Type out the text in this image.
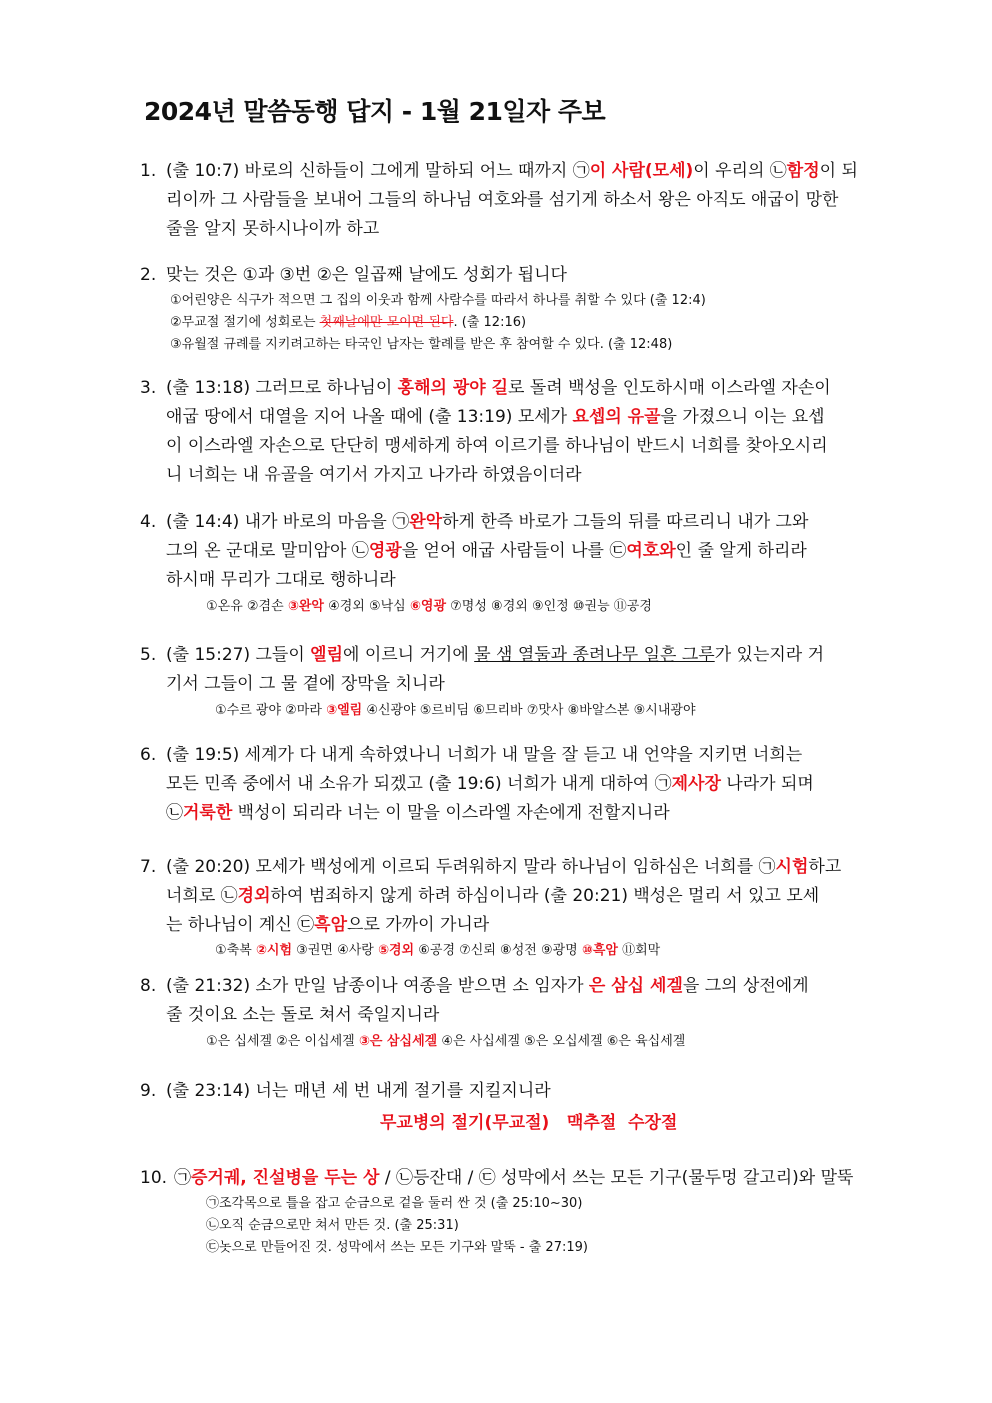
2024년 말씀동행 답지 - 1월 21일자 주보
1. (출 10:7) 바로의 신하들이 그에게 말하되 어느 때까지 ㉠이 사람(모세)이 우리의 ㉡함정이 되
리이까 그 사람들을 보내어 그들의 하나님 여호와를 섬기게 하소서 왕은 아직도 애굽이 망한
줄을 알지 못하시나이까 하고
2. 맞는 것은 ①과 ③번 ②은 일곱째 날에도 성회가 됩니다
①어린양은 식구가 적으면 그 집의 이웃과 함께 사람수를 따라서 하나를 취할 수 있다 (출 12:4)
②무교절 절기에 성회로는 첫째날에만 모이면 된다. (출 12:16)
③유월절 규례를 지키려고하는 타국인 남자는 할례를 받은 후 참여할 수 있다. (출 12:48)
3. (출 13:18) 그러므로 하나님이 홍해의 광야 길로 돌려 백성을 인도하시매 이스라엘 자손이
애굽 땅에서 대열을 지어 나올 때에 (출 13:19) 모세가 요셉의 유골을 가졌으니 이는 요셉
이 이스라엘 자손으로 단단히 맹세하게 하여 이르기를 하나님이 반드시 너희를 찾아오시리
니 너희는 내 유골을 여기서 가지고 나가라 하였음이더라
4. (출 14:4) 내가 바로의 마음을 ㉠완악하게 한즉 바로가 그들의 뒤를 따르리니 내가 그와
그의 온 군대로 말미암아 ㉡영광을 얻어 애굽 사람들이 나를 ㉢여호와인 줄 알게 하리라
하시매 무리가 그대로 행하니라
①온유 ②겸손 ③완악 ④경외 ⑤낙심 ⑥영광 ⑦명성 ⑧경외 ⑨인정 ⑩권능 ⑪공경
5. (출 15:27) 그들이 엘림에 이르니 거기에 물 샘 열둘과 종려나무 일흔 그루가 있는지라 거
기서 그들이 그 물 곁에 장막을 치니라
①수르 광야 ②마라 ③엘림 ④신광야 ⑤르비딤 ⑥므리바 ⑦맛사 ⑧바알스본 ⑨시내광야
6. (출 19:5) 세계가 다 내게 속하였나니 너희가 내 말을 잘 듣고 내 언약을 지키면 너희는
모든 민족 중에서 내 소유가 되겠고 (출 19:6) 너희가 내게 대하여 ㉠제사장 나라가 되며
㉡거룩한 백성이 되리라 너는 이 말을 이스라엘 자손에게 전할지니라
7. (출 20:20) 모세가 백성에게 이르되 두려워하지 말라 하나님이 임하심은 너희를 ㉠시험하고
너희로 ㉡경외하여 범죄하지 않게 하려 하심이니라 (출 20:21) 백성은 멀리 서 있고 모세
는 하나님이 계신 ㉢흑암으로 가까이 가니라
①축복 ②시험 ③권면 ④사랑 ⑤경외 ⑥공경 ⑦신뢰 ⑧성전 ⑨광명 ⑩흑암 ⑪회막
8. (출 21:32) 소가 만일 남종이나 여종을 받으면 소 임자가 은 삼십 세겔을 그의 상전에게
줄 것이요 소는 돌로 쳐서 죽일지니라
①은 십세겔 ②은 이십세겔 ③은 삼십세겔 ④은 사십세겔 ⑤은 오십세겔 ⑥은 육십세겔
9. (출 23:14) 너는 매년 세 번 내게 절기를 지킬지니라
무교병의 절기(무교절)   맥추절  수장절
10. ㉠증거궤, 진설병을 두는 상 / ㉡등잔대 / ㉢ 성막에서 쓰는 모든 기구(물두멍 갈고리)와 말뚝
㉠조각목으로 틀을 잡고 순금으로 겉을 둘러 싼 것 (출 25:10~30)
㉡오직 순금으로만 쳐서 만든 것. (출 25:31)
㉢놋으로 만들어진 것. 성막에서 쓰는 모든 기구와 말뚝 - 출 27:19)
